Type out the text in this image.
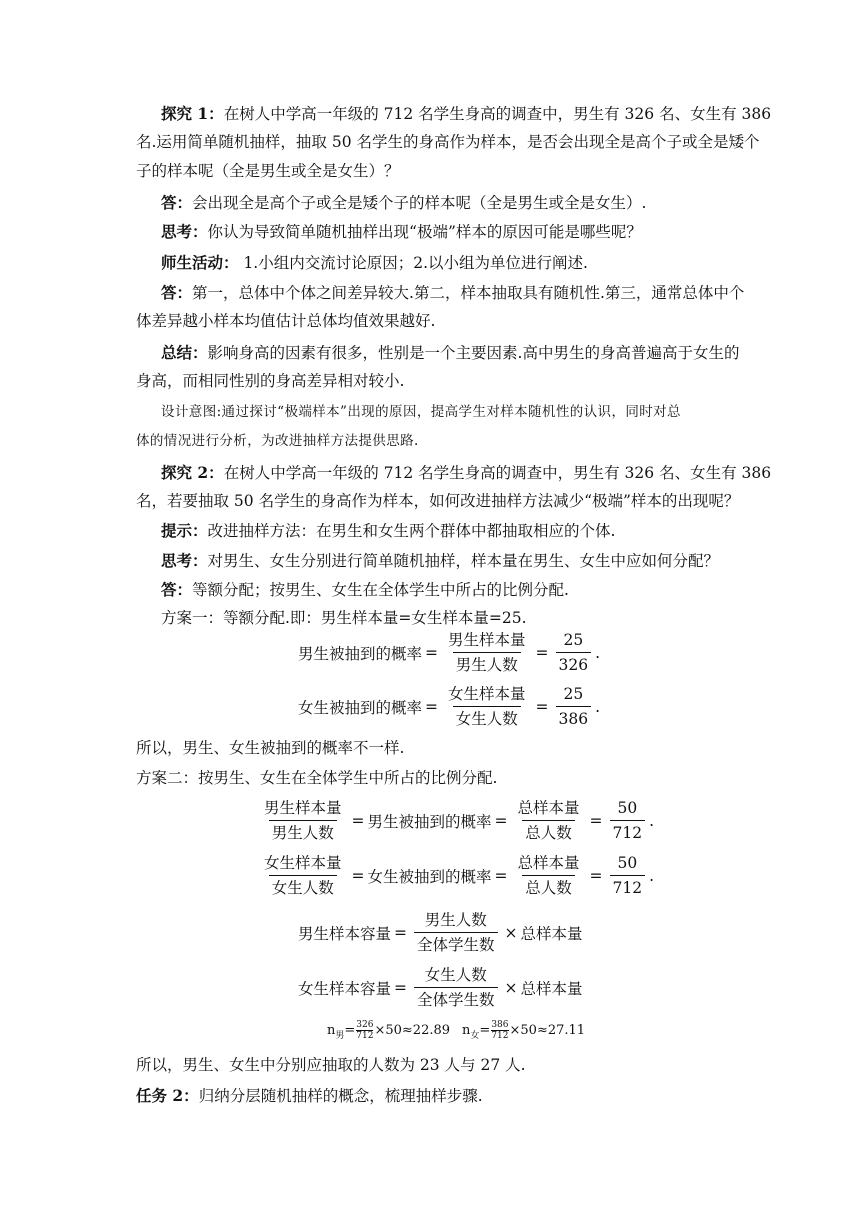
探究 1：在树人中学高一年级的 712 名学生身高的调查中，男生有 326 名、女生有 386
名.运用简单随机抽样，抽取 50 名学生的身高作为样本，是否会出现全是高个子或全是矮个
子的样本呢（全是男生或全是女生）？
答：会出现全是高个子或全是矮个子的样本呢（全是男生或全是女生）.
思考：你认为导致简单随机抽样出现“极端”样本的原因可能是哪些呢？
师生活动： 1.小组内交流讨论原因；2.以小组为单位进行阐述.
答：第一，总体中个体之间差异较大.第二，样本抽取具有随机性.第三，通常总体中个
体差异越小样本均值估计总体均值效果越好.
总结：影响身高的因素有很多，性别是一个主要因素.高中男生的身高普遍高于女生的
身高，而相同性别的身高差异相对较小.
设计意图:通过探讨“极端样本”出现的原因，提高学生对样本随机性的认识，同时对总
体的情况进行分析，为改进抽样方法提供思路.
探究 2：在树人中学高一年级的 712 名学生身高的调查中，男生有 326 名、女生有 386
名，若要抽取 50 名学生的身高作为样本，如何改进抽样方法减少“极端”样本的出现呢？
提示：改进抽样方法：在男生和女生两个群体中都抽取相应的个体.
思考：对男生、女生分别进行简单随机抽样，样本量在男生、女生中应如何分配？
答：等额分配；按男生、女生在全体学生中所占的比例分配.
方案一：等额分配.即：男生样本量=女生样本量=25.
男生被抽到的概率 = $\frac{\text{男生样本量}}{\text{男生人数}} = \frac{25}{326}$ .
女生被抽到的概率 = $\frac{\text{女生样本量}}{\text{女生人数}} = \frac{25}{386}$ .
所以，男生、女生被抽到的概率不一样.
方案二：按男生、女生在全体学生中所占的比例分配.
$\frac{\text{男生样本量}}{\text{男生人数}}$ = 男生被抽到的概率 = $\frac{\text{总样本量}}{\text{总人数}} = \frac{50}{712}$ .
$\frac{\text{女生样本量}}{\text{女生人数}}$ = 女生被抽到的概率 = $\frac{\text{总样本量}}{\text{总人数}} = \frac{50}{712}$ .
男生样本容量 = $\frac{\text{男生人数}}{\text{全体学生数}}$ × 总样本量
女生样本容量 = $\frac{\text{女生人数}}{\text{全体学生数}}$ × 总样本量
n 男 = $\frac{326}{712} \times 50\approx 22.89$ n 女 = $\frac{386}{712} \times 50\approx 27.11$
所以，男生、女生中分别应抽取的人数为 23 人与 27 人.
任务 2：归纳分层随机抽样的概念，梳理抽样步骤.
